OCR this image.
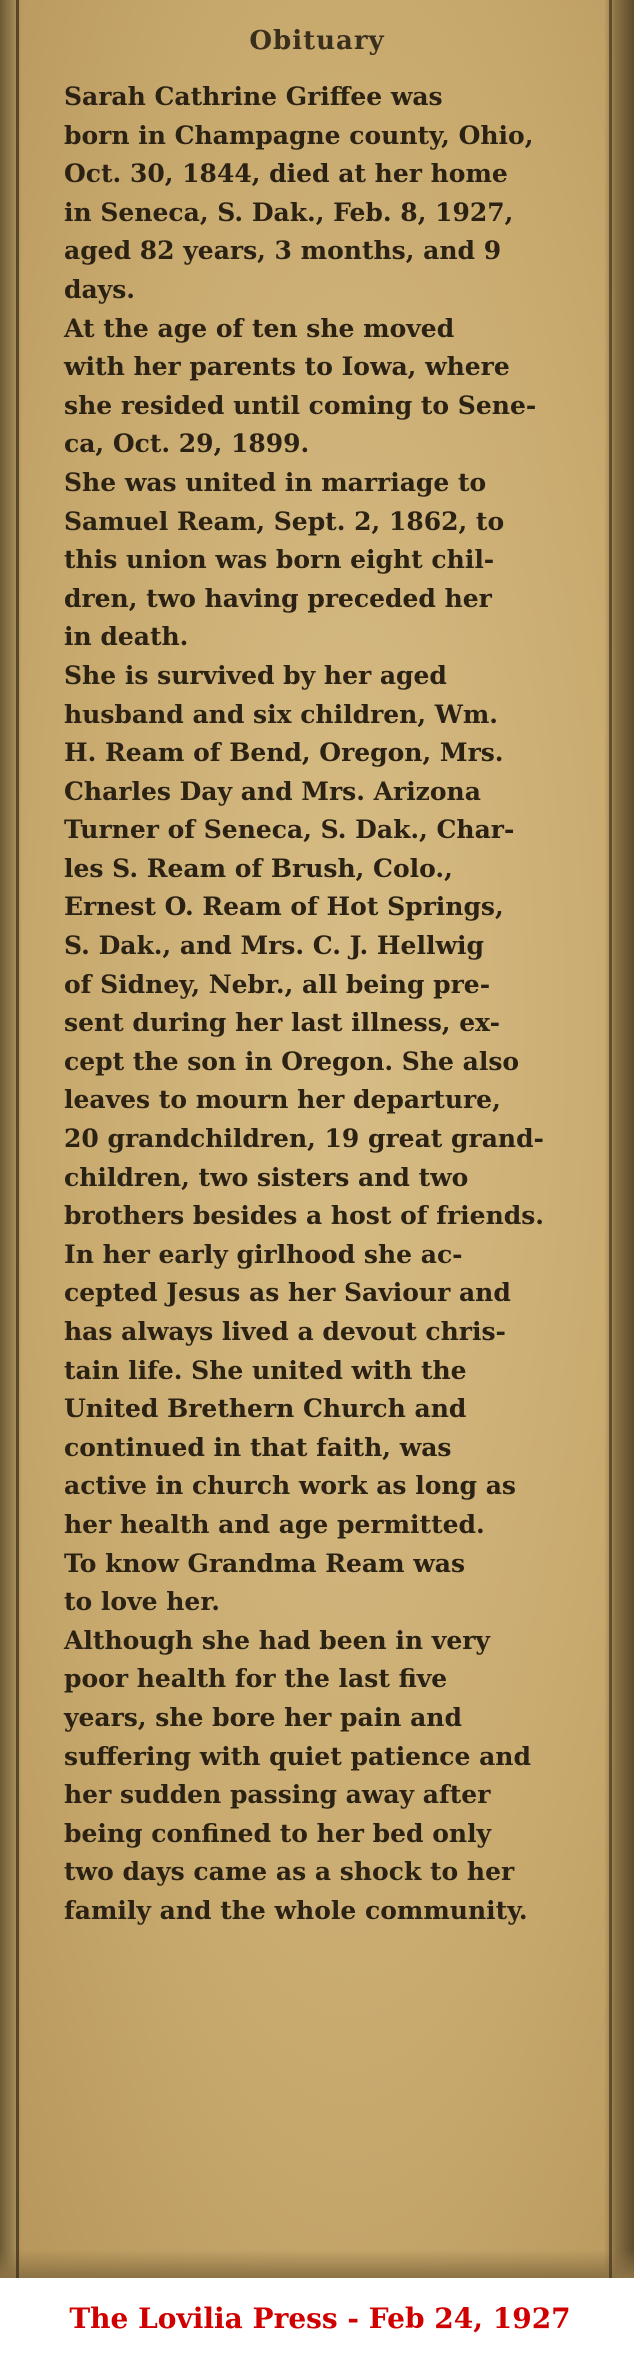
Obituary

Sarah Cathrine Griffee was
born in Champagne county, Ohio,
Oct. 30, 1844, died at her home
in Seneca, S. Dak., Feb. 8, 1927,
aged 82 years, 3 months, and 9
days.

At the age of ten she moved
with her parents to Iowa, where
she resided until coming to Sene-
ca, Oct. 29, 1899.

She was united in marriage to
Samuel Ream, Sept. 2, 1862, to
this union was born eight chil-
dren, two having preceded her
in death.

She is survived by her aged
husband and six children, Wm.
H. Ream of Bend, Oregon, Mrs.
Charles Day and Mrs. Arizona
Turner of Seneca, S. Dak., Char-
les S. Ream of Brush, Colo.,
Ernest O. Ream of Hot Springs,
S. Dak., and Mrs. C. J. Hellwig
of Sidney, Nebr., all being pre-
sent during her last illness, ex-
cept the son in Oregon. She also
leaves to mourn her departure,
20 grandchildren, 19 great grand-
children, two sisters and two
brothers besides a host of friends.

In her early girlhood she ac-
cepted Jesus as her Saviour and
has always lived a devout chris-
tain life. She united with the
United Brethern Church and
continued in that faith, was
active in church work as long as
her health and age permitted.

To know Grandma Ream was
to love her.

Although she had been in very
poor health for the last five
years, she bore her pain and
suffering with quiet patience and
her sudden passing away after
being confined to her bed only
two days came as a shock to her
family and the whole community.

The Lovilia Press - Feb 24, 1927
